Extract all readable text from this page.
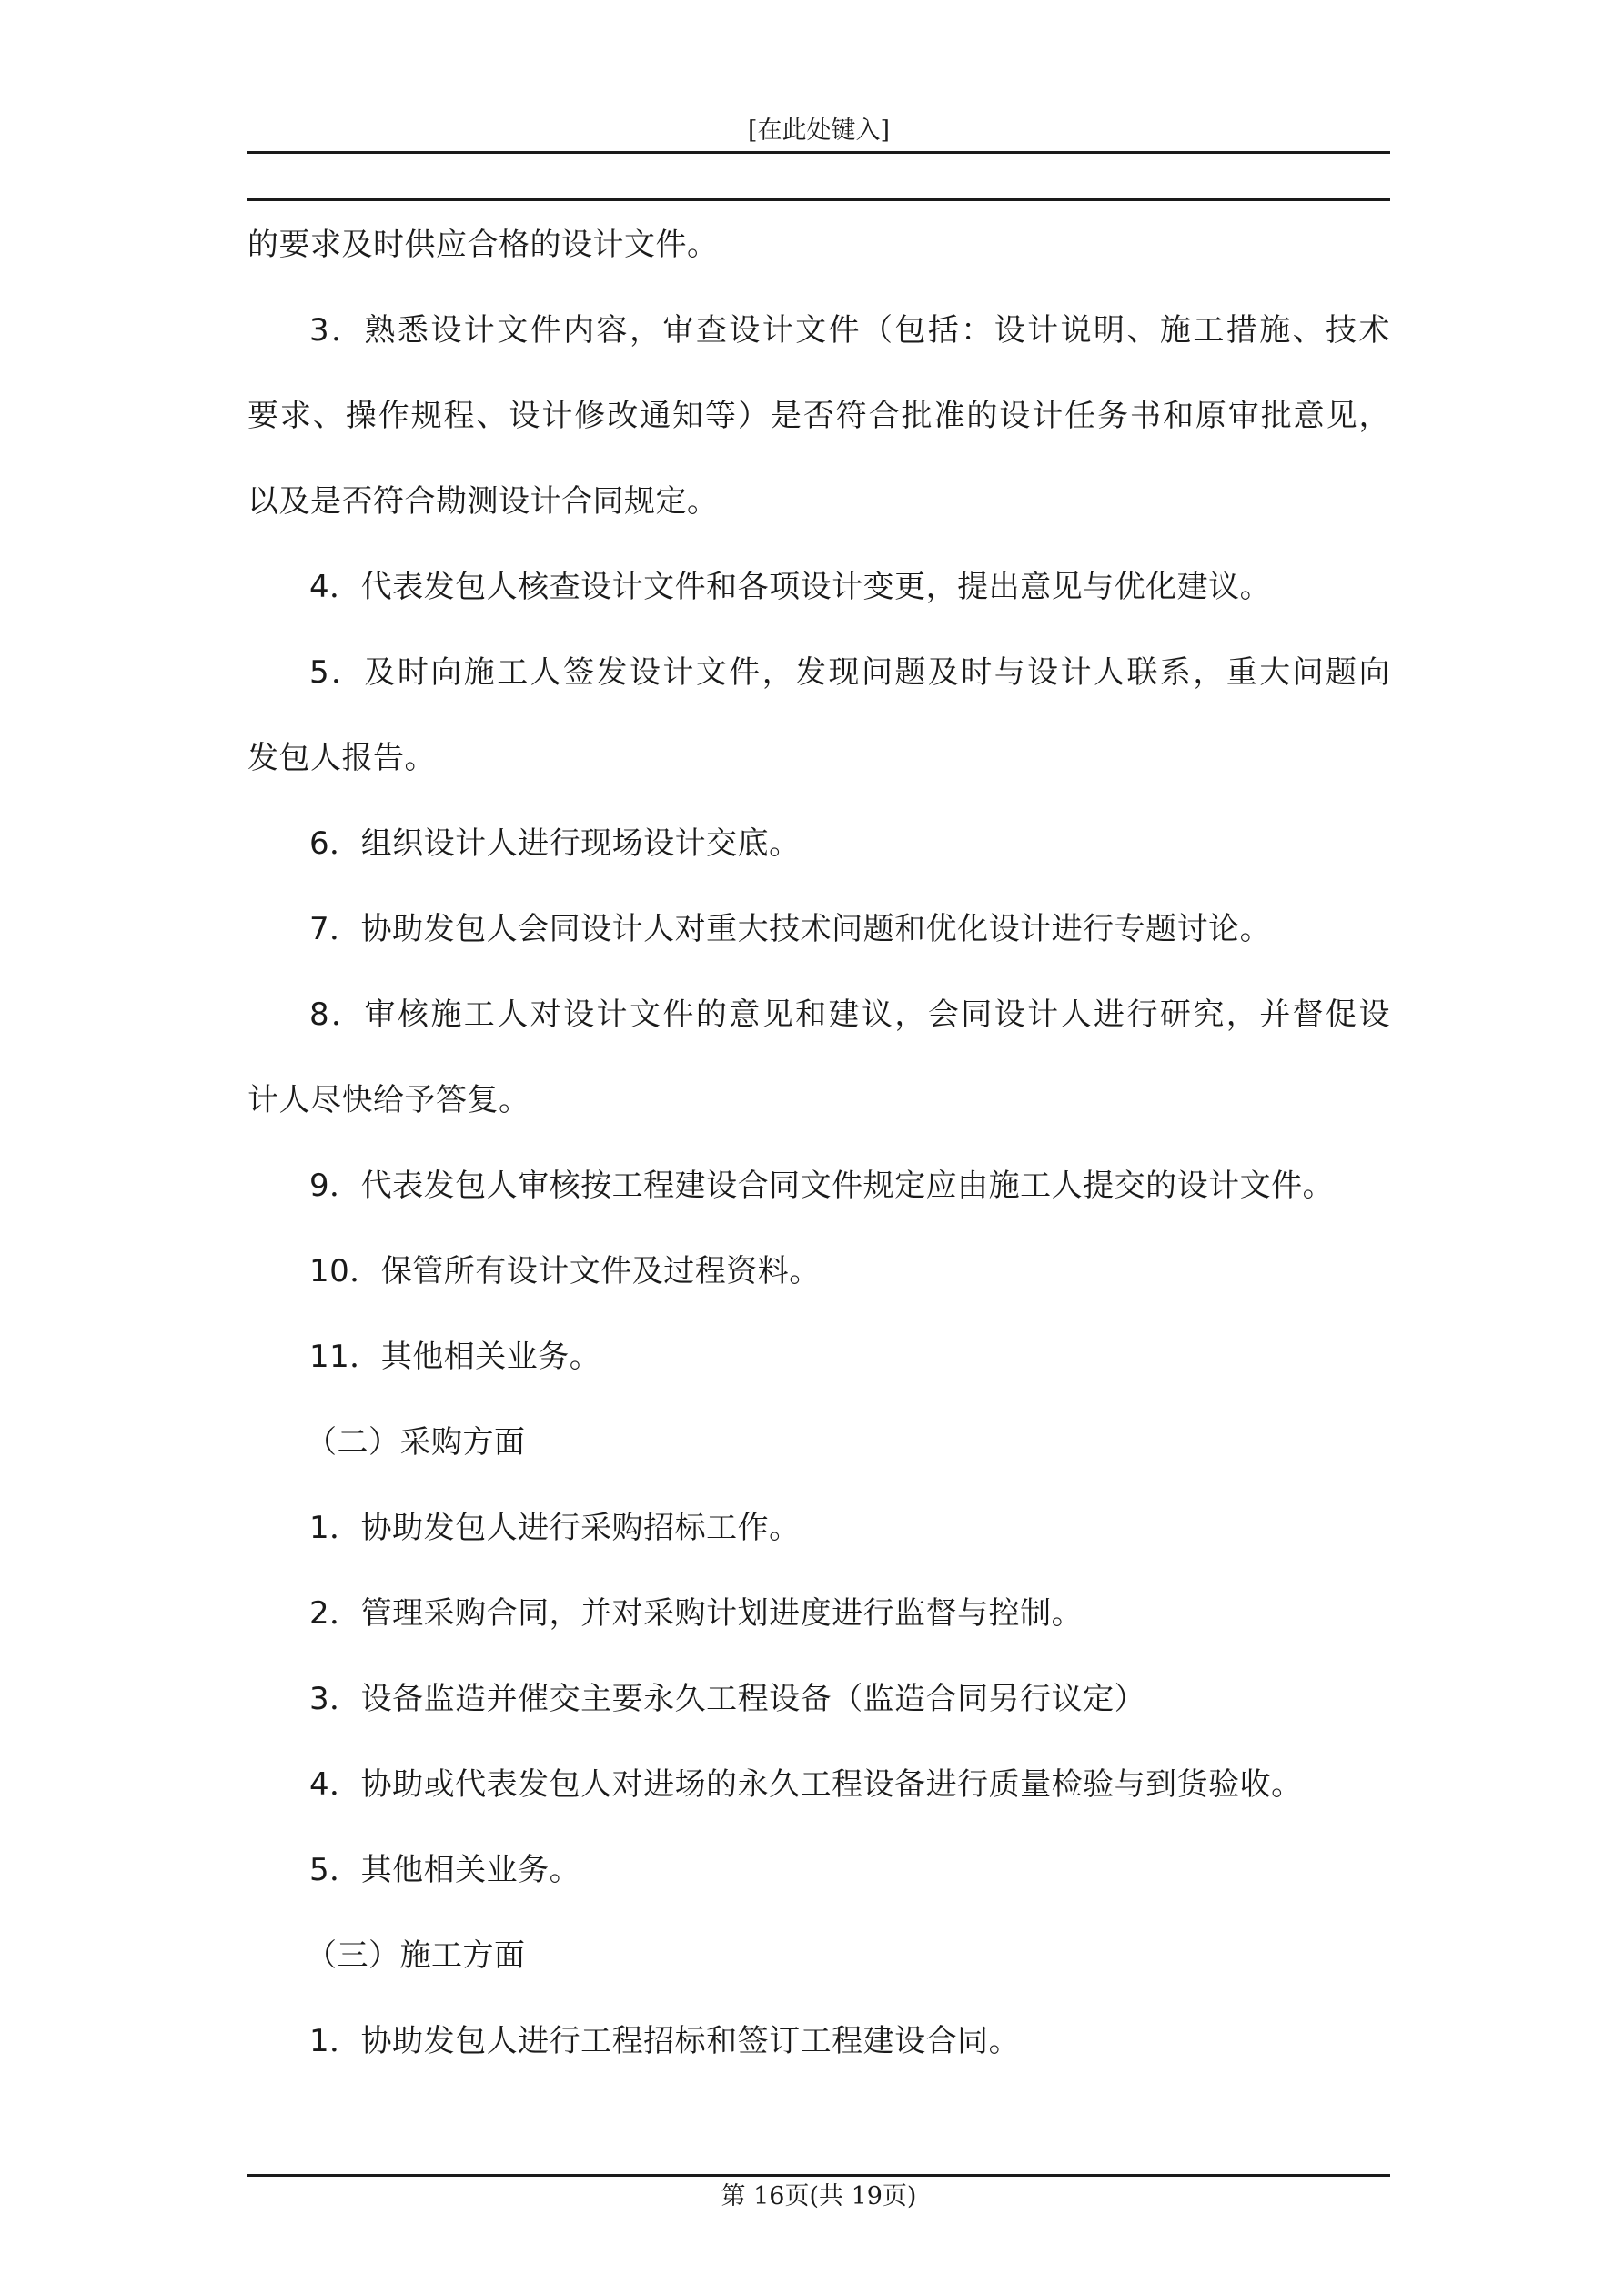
[在此处键入]
的要求及时供应合格的设计文件。
3．熟悉设计文件内容，审查设计文件（包括：设计说明、施工措施、技术
要求、操作规程、设计修改通知等）是否符合批准的设计任务书和原审批意见，
以及是否符合勘测设计合同规定。
4．代表发包人核查设计文件和各项设计变更，提出意见与优化建议。
5．及时向施工人签发设计文件，发现问题及时与设计人联系，重大问题向
发包人报告。
6．组织设计人进行现场设计交底。
7．协助发包人会同设计人对重大技术问题和优化设计进行专题讨论。
8．审核施工人对设计文件的意见和建议，会同设计人进行研究，并督促设
计人尽快给予答复。
9．代表发包人审核按工程建设合同文件规定应由施工人提交的设计文件。
10．保管所有设计文件及过程资料。
11．其他相关业务。
（二）采购方面
1．协助发包人进行采购招标工作。
2．管理采购合同，并对采购计划进度进行监督与控制。
3．设备监造并催交主要永久工程设备（监造合同另行议定）
4．协助或代表发包人对进场的永久工程设备进行质量检验与到货验收。
5．其他相关业务。
（三）施工方面
1．协助发包人进行工程招标和签订工程建设合同。
第 16页(共 19页)
